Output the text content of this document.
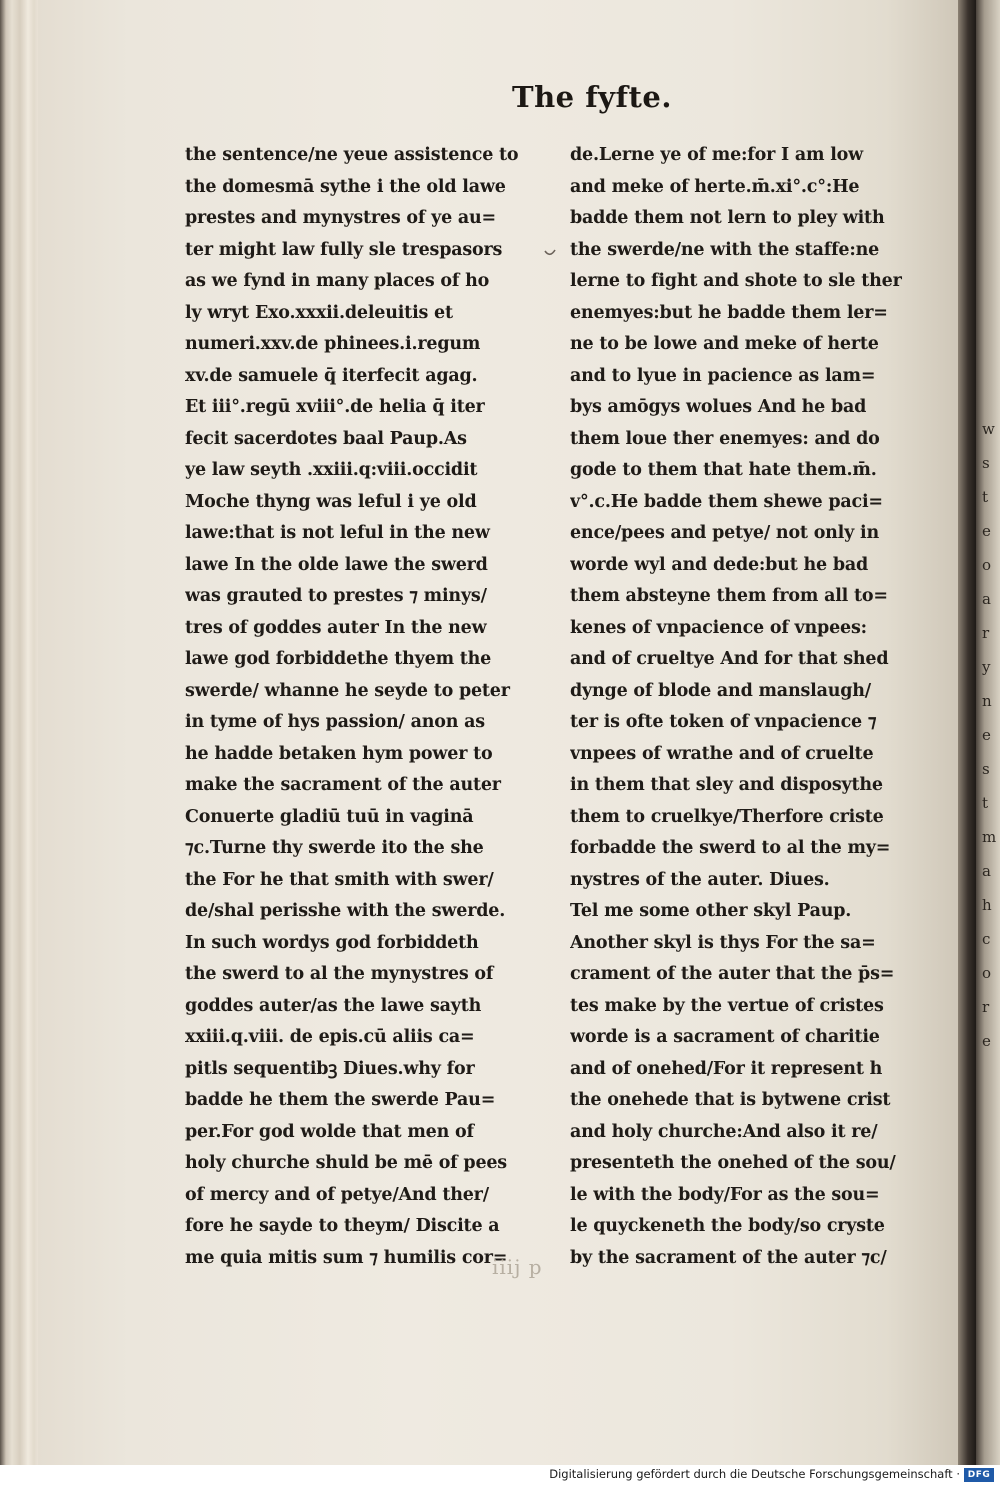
w
s
t
e
o
a
r
y
n
e
s
t
m
a
h
c
o
r
e
The fyfte.
the sentence/ne yeue assistence to
the domesmā sythe i the old lawe
prestes and mynystres of ye au=
ter might law fully sle trespasors
as we fynd in many places of ho
ly wryt Exo.xxxii.deleuitis et
numeri.xxv.de phinees.i.regum
xv.de samuele q̄ iterfecit agag.
Et iii°.regū xviii°.de helia q̄ iter
fecit sacerdotes baal Paup.As
ye law seyth .xxiii.q:viii.occidit
Moche thyng was leful i ye old
lawe:that is not leful in the new
lawe In the olde lawe the swerd
was grauted to prestes ⁊ minys/
tres of goddes auter In the new
lawe god forbiddethe thyem the
swerde/ whanne he seyde to peter
in tyme of hys passion/ anon as
he hadde betaken hym power to
make the sacrament of the auter
Conuerte gladiū tuū in vaginā
⁊c.Turne thy swerde ito the she
the For he that smith with swer/
de/shal perisshe with the swerde.
In such wordys god forbiddeth
the swerd to al the mynystres of
goddes auter/as the lawe sayth
xxiii.q.viii. de epis.cū aliis ca=
pitls sequentibꝫ Diues.why for
badde he them the swerde Pau=
per.For god wolde that men of
holy churche shuld be mē of pees
of mercy and of petye/And ther/
fore he sayde to theym/ Discite a
me quia mitis sum ⁊ humilis cor=
de.Lerne ye of me:for I am low
and meke of herte.m̄.xi°.c°:He
badde them not lern to pley with
the swerde/ne with the staffe:ne
lerne to fight and shote to sle ther
enemyes:but he badde them ler=
ne to be lowe and meke of herte
and to lyue in pacience as lam=
bys amōgys wolues And he bad
them loue ther enemyes: and do
gode to them that hate them.m̄.
v°.c.He badde them shewe paci=
ence/pees and petye/ not only in
worde wyl and dede:but he bad
them absteyne them from all to=
kenes of vnpacience of vnpees:
and of crueltye And for that shed
dynge of blode and manslaugh/
ter is ofte token of vnpacience ⁊
vnpees of wrathe and of cruelte
in them that sley and disposythe
them to cruelkye/Therfore criste
forbadde the swerd to al the my=
nystres of the auter. Diues.
Tel me some other skyl Paup.
Another skyl is thys For the sa=
crament of the auter that the p̄s=
tes make by the vertue of cristes
worde is a sacrament of charitie
and of onehed/For it represent h
the onehede that is bytwene crist
and holy churche:And also it re/
presenteth the onehed of the sou/
le with the body/For as the sou=
le quyckeneth the body/so cryste
by the sacrament of the auter ⁊c/
iiij p
Digitalisierung gefördert durch die Deutsche Forschungsgemeinschaft · DFG
